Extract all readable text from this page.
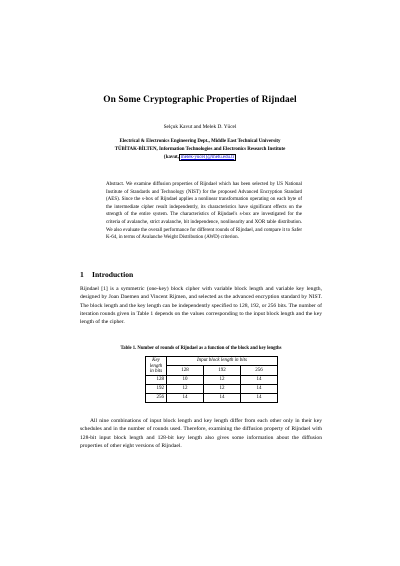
On Some Cryptographic Properties of Rijndael
Selçuk Kavut and Melek D. Yücel
Electrical & Electronics Engineering Dept., Middle East Technical University
TÜBİTAK-BİLTEN, Information Technologies and Electronics Research Institute
{kavut, melek-yucel}@metu.edu.tr
Abstract. We examine diffusion properties of Rijndael which has been selected by US National Institute of Standards and Technology (NIST) for the proposed Advanced Encryption Standard (AES). Since the s-box of Rijndael applies a nonlinear transformation operating on each byte of the intermediate cipher result independently, its characteristics have significant effects on the strength of the entire system. The characteristics of Rijndael's s-box are investigated for the criteria of avalanche, strict avalanche, bit independence, nonlinearity and XOR table distribution. We also evaluate the overall performance for different rounds of Rijndael, and compare it to Safer K-64, in terms of Avalanche Weight Distribution (AWD) criterion.
1 Introduction
Rijndael [1] is a symmetric (one-key) block cipher with variable block length and variable key length, designed by Joan Daemen and Vincent Rijmen, and selected as the advanced encryption standard by NIST. The block length and the key length can be independently specified to 128, 192, or 256 bits. The number of iteration rounds given in Table 1 depends on the values corresponding to the input block length and the key length of the cipher.
Table 1. Number of rounds of Rijndael as a function of the block and key lengths
Key length in bits	Input block length in bits		
	128	192	256
128	10	12	14
192	12	12	14
256	14	14	14
All nine combinations of input block length and key length differ from each other only in their key schedules and in the number of rounds used. Therefore, examining the diffusion property of Rijndael with 128-bit input block length and 128-bit key length also gives some information about the diffusion properties of other eight versions of Rijndael.
